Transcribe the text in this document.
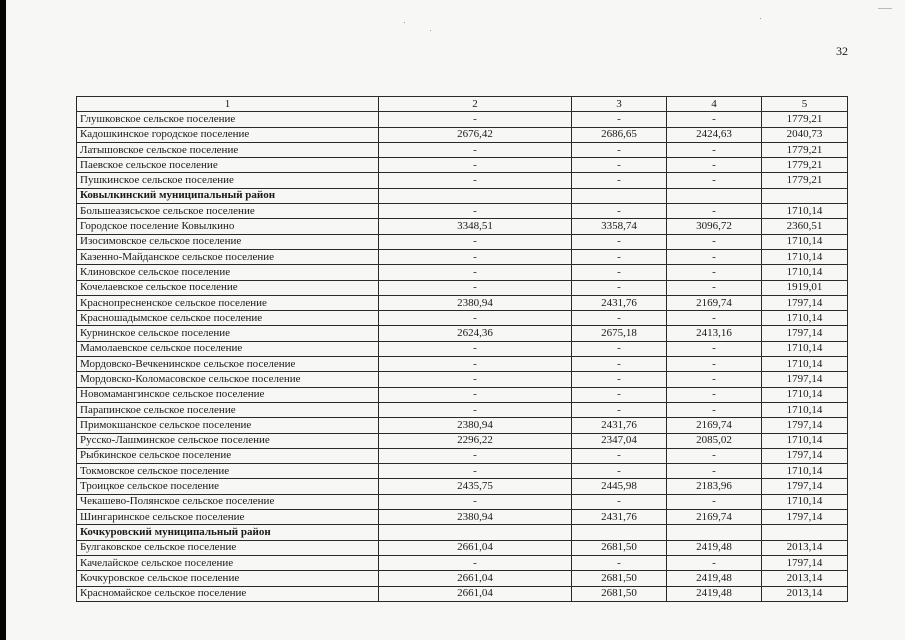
32
1	2	3	4	5
Глушковское сельское поселение	-	-	-	1779,21
Кадошкинское городское поселение	2676,42	2686,65	2424,63	2040,73
Латышовское сельское поселение	-	-	-	1779,21
Паевское сельское поселение	-	-	-	1779,21
Пушкинское сельское поселение	-	-	-	1779,21
Ковылкинский муниципальный район				
Большеазясьское сельское поселение	-	-	-	1710,14
Городское поселение Ковылкино	3348,51	3358,74	3096,72	2360,51
Изосимовское сельское поселение	-	-	-	1710,14
Казенно-Майданское сельское поселение	-	-	-	1710,14
Клиновское сельское поселение	-	-	-	1710,14
Кочелаевское сельское поселение	-	-	-	1919,01
Краснопресненское сельское поселение	2380,94	2431,76	2169,74	1797,14
Красношадымское сельское поселение	-	-	-	1710,14
Курнинское сельское поселение	2624,36	2675,18	2413,16	1797,14
Мамолаевское сельское поселение	-	-	-	1710,14
Мордовско-Вечкенинское сельское поселение	-	-	-	1710,14
Мордовско-Коломасовское сельское поселение	-	-	-	1797,14
Новомамангинское сельское поселение	-	-	-	1710,14
Парапинское сельское поселение	-	-	-	1710,14
Примокшанское сельское поселение	2380,94	2431,76	2169,74	1797,14
Русско-Лашминское сельское поселение	2296,22	2347,04	2085,02	1710,14
Рыбкинское сельское поселение	-	-	-	1797,14
Токмовское сельское поселение	-	-	-	1710,14
Троицкое сельское поселение	2435,75	2445,98	2183,96	1797,14
Чекашево-Полянское сельское поселение	-	-	-	1710,14
Шингаринское сельское поселение	2380,94	2431,76	2169,74	1797,14
Кочкуровский муниципальный район				
Булгаковское сельское поселение	2661,04	2681,50	2419,48	2013,14
Качелайское сельское поселение	-	-	-	1797,14
Кочкуровское сельское поселение	2661,04	2681,50	2419,48	2013,14
Красномайское сельское поселение	2661,04	2681,50	2419,48	2013,14
